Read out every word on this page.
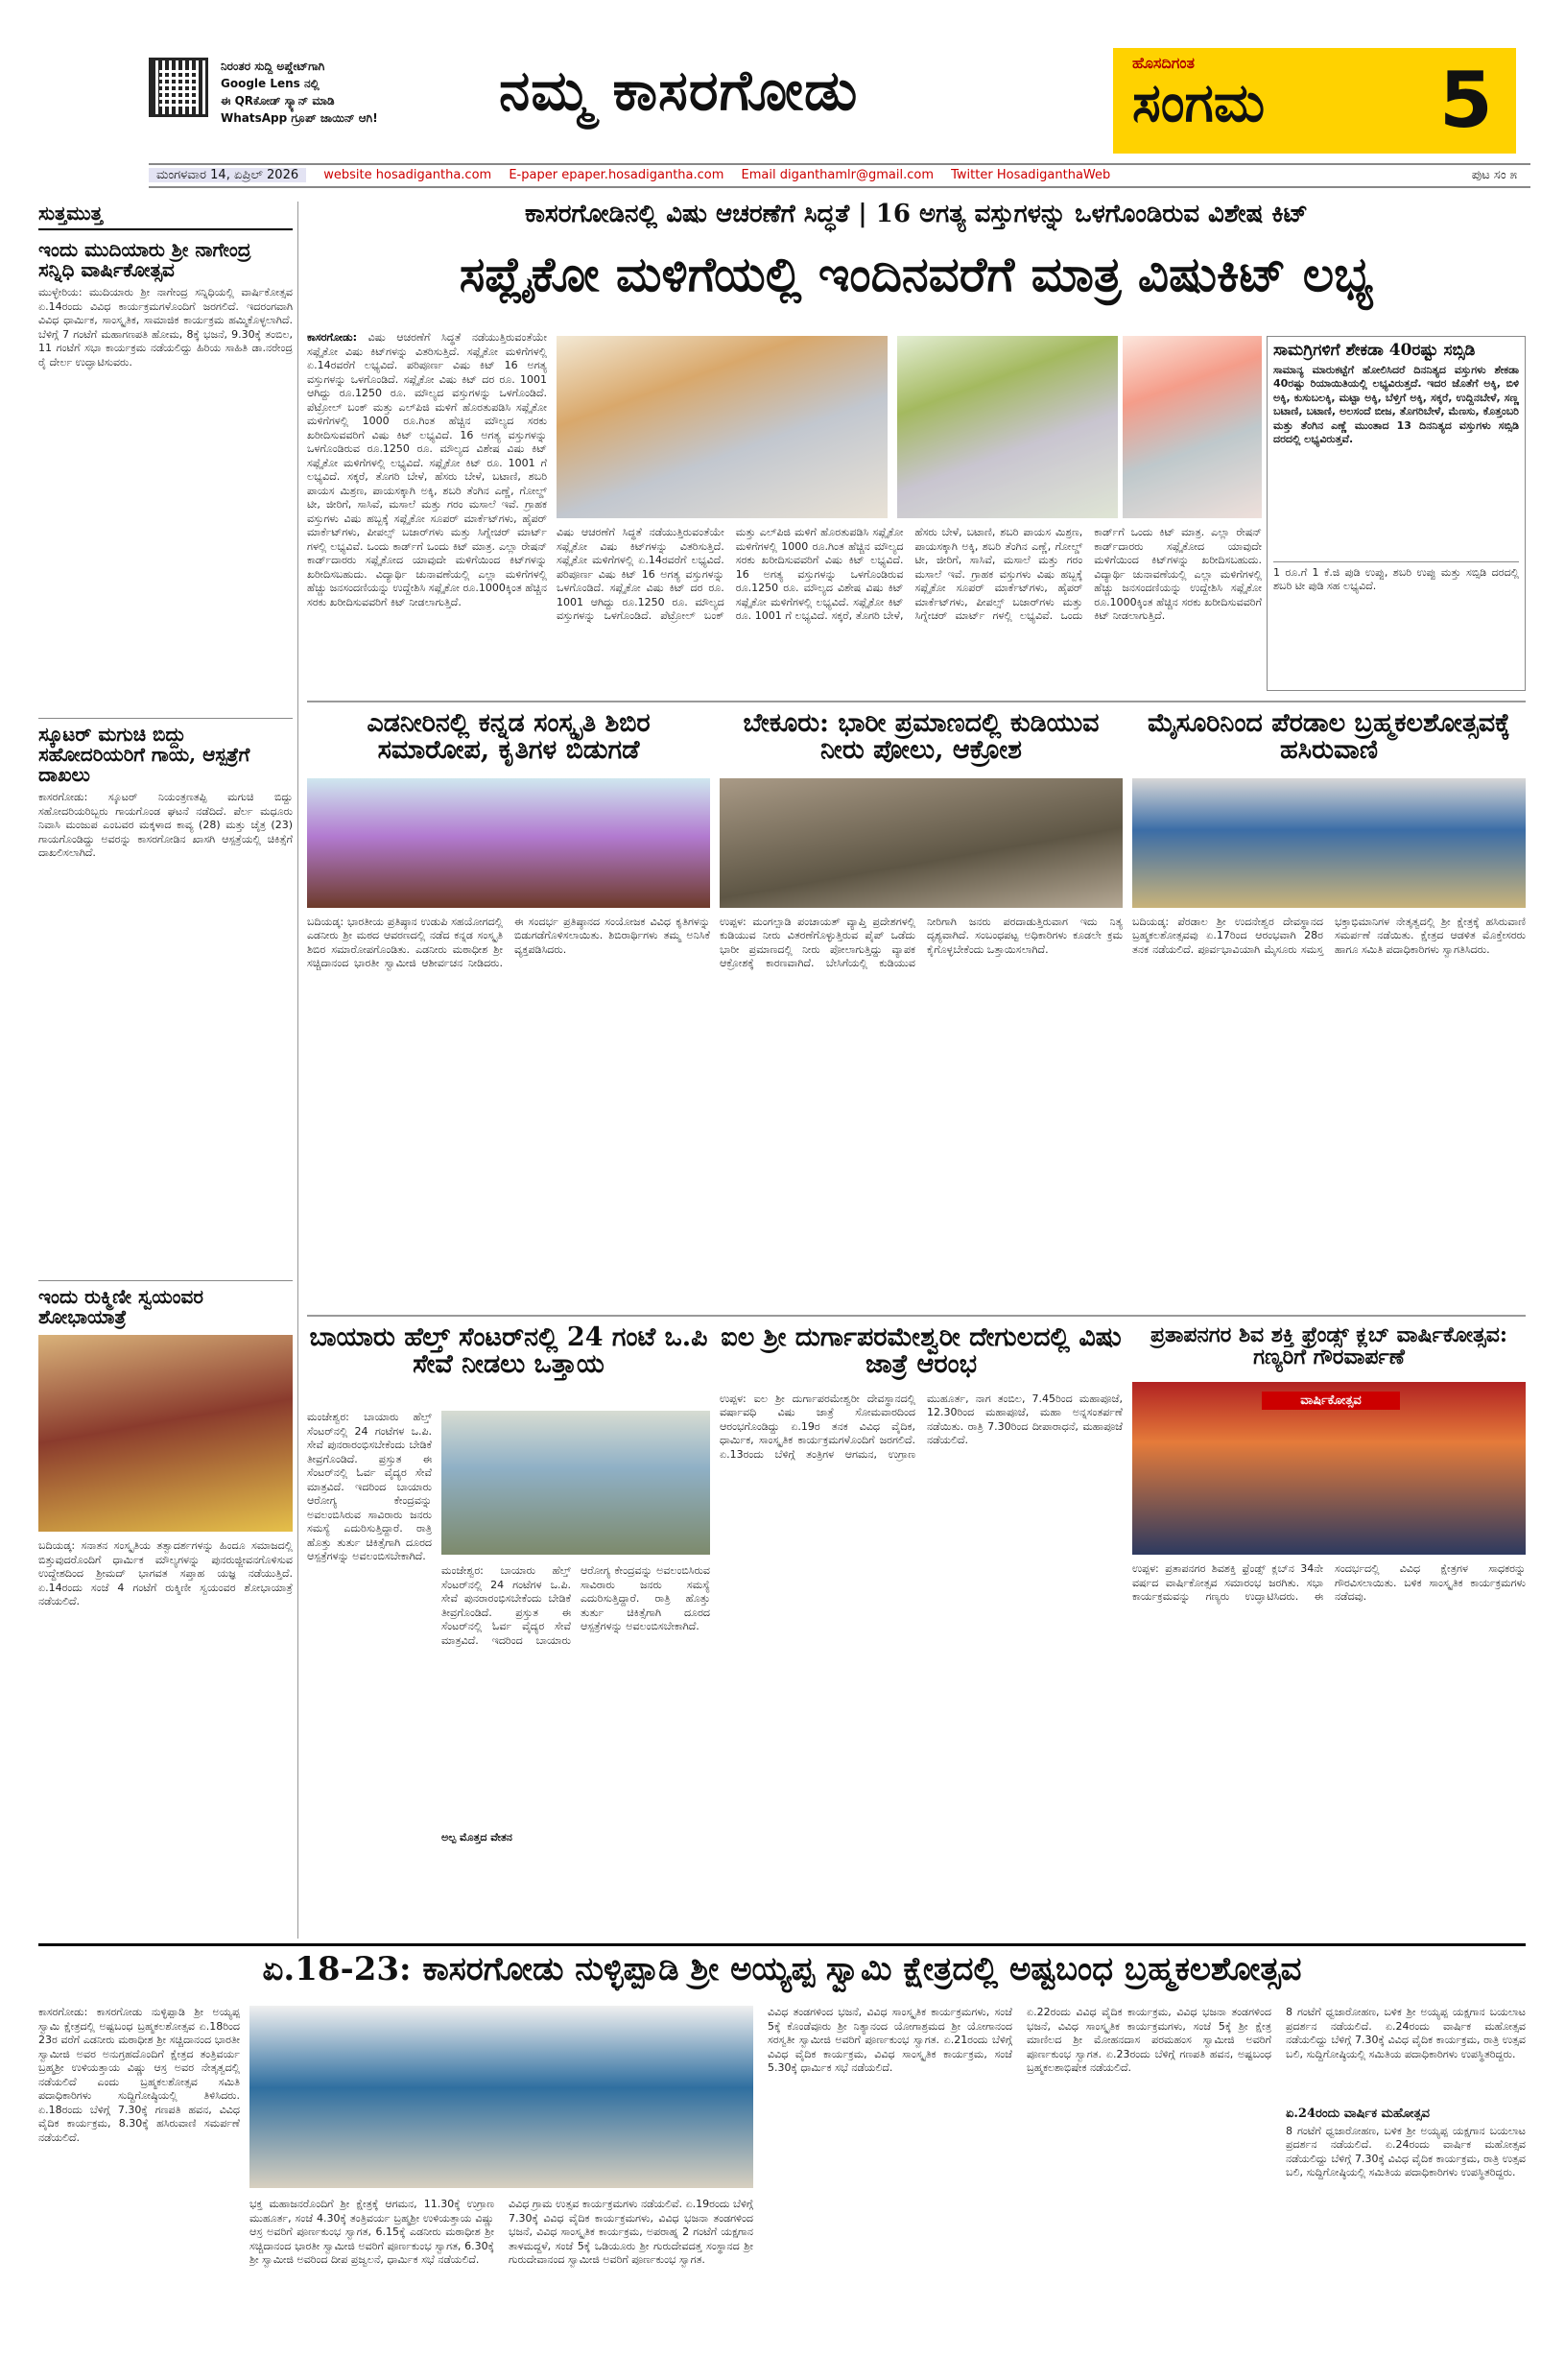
ನಿರಂತರ ಸುದ್ದಿ ಅಪ್ಡೇಟ್‌ಗಾಗಿ
Google Lens ನಲ್ಲಿ
ಈ QRಕೋಡ್ ಸ್ಕ್ಯಾನ್ ಮಾಡಿ
WhatsApp ಗ್ರೂಪ್ ಜಾಯಿನ್ ಆಗಿ!	ನಮ್ಮ ಕಾಸರಗೋಡು	ಹೊಸದಿಗಂತ
ಸಂಗಮ 5
ಮಂಗಳವಾರ 14, ಏಪ್ರಿಲ್ 2026 website hosadigantha.com E-paper epaper.hosadigantha.com Email diganthamlr@gmail.com Twitter HosadiganthaWeb	ಪುಟ ಸಂ ೫
ಸುತ್ತಮುತ್ತ
ಇಂದು ಮುದಿಯಾರು ಶ್ರೀ ನಾಗೇಂದ್ರ ಸನ್ನಿಧಿ ವಾರ್ಷಿಕೋತ್ಸವ
ಮುಳ್ಳೇರಿಯ: ಮುದಿಯಾರು ಶ್ರೀ ನಾಗೇಂದ್ರ ಸನ್ನಿಧಿಯಲ್ಲಿ ವಾರ್ಷಿಕೋತ್ಸವ ಏ.14ರಂದು ವಿವಿಧ ಕಾರ್ಯಕ್ರಮಗಳೊಂದಿಗೆ ಜರಗಲಿದೆ. ಇದರಂಗವಾಗಿ ವಿವಿಧ ಧಾರ್ಮಿಕ, ಸಾಂಸ್ಕೃತಿಕ, ಸಾಮಾಜಿಕ ಕಾರ್ಯಕ್ರಮ ಹಮ್ಮಿಕೊಳ್ಳಲಾಗಿದೆ. ಬೆಳಿಗ್ಗೆ 7 ಗಂಟೆಗೆ ಮಹಾಗಣಪತಿ ಹೋಮ, 8ಕ್ಕೆ ಭಜನೆ, 9.30ಕ್ಕೆ ತಂಬಿಲ, 11 ಗಂಟೆಗೆ ಸಭಾ ಕಾರ್ಯಕ್ರಮ ನಡೆಯಲಿದ್ದು ಹಿರಿಯ ಸಾಹಿತಿ ಡಾ.ನರೇಂದ್ರ ರೈ ದೇರ್ಲ ಉದ್ಘಾಟಿಸುವರು.
ಸ್ಕೂಟರ್ ಮಗುಚಿ ಬಿದ್ದು ಸಹೋದರಿಯರಿಗೆ ಗಾಯ, ಆಸ್ಪತ್ರೆಗೆ ದಾಖಲು
ಕಾಸರಗೋಡು: ಸ್ಕೂಟರ್ ನಿಯಂತ್ರಣತಪ್ಪಿ ಮಗುಚಿ ಬಿದ್ದು ಸಹೋದರಿಯರಿಬ್ಬರು ಗಾಯಗೊಂಡ ಘಟನೆ ನಡೆದಿದೆ. ಪೆರ್ಲ ಮಧೂರು ನಿವಾಸಿ ಮಂಜುಪ ಎಂಬವರ ಮಕ್ಕಳಾದ ಕಾವ್ಯ (28) ಮತ್ತು ಚೈತ್ರ (23) ಗಾಯಗೊಂಡಿದ್ದು ಅವರನ್ನು ಕಾಸರಗೋಡಿನ ಖಾಸಗಿ ಆಸ್ಪತ್ರೆಯಲ್ಲಿ ಚಿಕಿತ್ಸೆಗೆ ದಾಖಲಿಸಲಾಗಿದೆ.
ಇಂದು ರುಕ್ಮಿಣೀ ಸ್ವಯಂವರ ಶೋಭಾಯಾತ್ರೆ
ಬದಿಯಡ್ಕ: ಸನಾತನ ಸಂಸ್ಕೃತಿಯ ತತ್ವಾದರ್ಶಗಳನ್ನು ಹಿಂದೂ ಸಮಾಜದಲ್ಲಿ ಬಿತ್ತುವುದರೊಂದಿಗೆ ಧಾರ್ಮಿಕ ಮೌಲ್ಯಗಳನ್ನು ಪುನರುಜ್ಜೀವನಗೊಳಿಸುವ ಉದ್ದೇಶದಿಂದ ಶ್ರೀಮದ್ ಭಾಗವತ ಸಪ್ತಾಹ ಯಜ್ಞ ನಡೆಯುತ್ತಿದೆ. ಏ.14ರಂದು ಸಂಜೆ 4 ಗಂಟೆಗೆ ರುಕ್ಮಿಣೀ ಸ್ವಯಂವರ ಶೋಭಾಯಾತ್ರೆ ನಡೆಯಲಿದೆ.
ಕಾಸರಗೋಡಿನಲ್ಲಿ ವಿಷು ಆಚರಣೆಗೆ ಸಿದ್ಧತೆ | 16 ಅಗತ್ಯ ವಸ್ತುಗಳನ್ನು ಒಳಗೊಂಡಿರುವ ವಿಶೇಷ ಕಿಟ್
ಸಪ್ಲೈಕೋ ಮಳಿಗೆಯಲ್ಲಿ ಇಂದಿನವರೆಗೆ ಮಾತ್ರ ವಿಷುಕಿಟ್ ಲಭ್ಯ
ಕಾಸರಗೋಡು: ವಿಷು ಆಚರಣೆಗೆ ಸಿದ್ಧತೆ ನಡೆಯುತ್ತಿರುವಂತೆಯೇ ಸಪ್ಲೈಕೋ ವಿಷು ಕಿಟ್‌ಗಳನ್ನು ವಿತರಿಸುತ್ತಿದೆ. ಸಪ್ಲೈಕೋ ಮಳಿಗೆಗಳಲ್ಲಿ ಏ.14ರವರೆಗೆ ಲಭ್ಯವಿದೆ. ಪರಿಪೂರ್ಣ ವಿಷು ಕಿಟ್ 16 ಅಗತ್ಯ ವಸ್ತುಗಳನ್ನು ಒಳಗೊಂಡಿದೆ. ಸಪ್ಲೈಕೋ ವಿಷು ಕಿಟ್ ದರ ರೂ. 1001 ಆಗಿದ್ದು ರೂ.1250 ರೂ. ಮೌಲ್ಯದ ವಸ್ತುಗಳನ್ನು ಒಳಗೊಂಡಿದೆ. ಪೆಟ್ರೋಲ್ ಬಂಕ್ ಮತ್ತು ಎಲ್‌ಪಿಜಿ ಮಳಿಗೆ ಹೊರತುಪಡಿಸಿ ಸಪ್ಲೈಕೋ ಮಳಿಗೆಗಳಲ್ಲಿ 1000 ರೂ.ಗಿಂತ ಹೆಚ್ಚಿನ ಮೌಲ್ಯದ ಸರಕು ಖರೀದಿಸುವವರಿಗೆ ವಿಷು ಕಿಟ್ ಲಭ್ಯವಿದೆ. 16 ಅಗತ್ಯ ವಸ್ತುಗಳನ್ನು ಒಳಗೊಂಡಿರುವ ರೂ.1250 ರೂ. ಮೌಲ್ಯದ ವಿಶೇಷ ವಿಷು ಕಿಟ್ ಸಪ್ಲೈಕೋ ಮಳಿಗೆಗಳಲ್ಲಿ ಲಭ್ಯವಿದೆ. ಸಪ್ಲೈಕೋ ಕಿಟ್ ರೂ. 1001 ಗೆ ಲಭ್ಯವಿದೆ. ಸಕ್ಕರೆ, ತೊಗರಿ ಬೇಳೆ, ಹೆಸರು ಬೇಳೆ, ಬಟಾಣಿ, ಶಬರಿ ಪಾಯಸ ಮಿಶ್ರಣ, ಪಾಯಸಕ್ಕಾಗಿ ಅಕ್ಕಿ, ಶಬರಿ ತೆಂಗಿನ ಎಣ್ಣೆ, ಗೋಲ್ಡ್ ಟೀ, ಜೀರಿಗೆ, ಸಾಸಿವೆ, ಮಸಾಲೆ ಮತ್ತು ಗರಂ ಮಸಾಲೆ ಇವೆ. ಗ್ರಾಹಕ ವಸ್ತುಗಳು ವಿಷು ಹಬ್ಬಕ್ಕೆ ಸಪ್ಲೈಕೋ ಸೂಪರ್ ಮಾರ್ಕೆಟ್‌ಗಳು, ಹೈಪರ್ ಮಾರ್ಕೆಟ್‌ಗಳು, ಪೀಪಲ್ಸ್ ಬಜಾರ್‌ಗಳು ಮತ್ತು ಸಿಗ್ನೇಚರ್ ಮಾರ್ಟ್ ಗಳಲ್ಲಿ ಲಭ್ಯವಿವೆ. ಒಂದು ಕಾರ್ಡ್‌ಗೆ ಒಂದು ಕಿಟ್ ಮಾತ್ರ. ಎಲ್ಲಾ ರೇಷನ್ ಕಾರ್ಡ್‌ದಾರರು ಸಪ್ಲೈಕೋದ ಯಾವುದೇ ಮಳಿಗೆಯಿಂದ ಕಿಟ್‌ಗಳನ್ನು ಖರೀದಿಸಬಹುದು. ವಿದ್ಯಾರ್ಥಿ ಚುನಾವಣೆಯಲ್ಲಿ ಎಲ್ಲಾ ಮಳಿಗೆಗಳಲ್ಲಿ ಹೆಚ್ಚು ಜನಸಂದಣಿಯನ್ನು ಉದ್ದೇಶಿಸಿ ಸಪ್ಲೈಕೋ ರೂ.1000ಕ್ಕಿಂತ ಹೆಚ್ಚಿನ ಸರಕು ಖರೀದಿಸುವವರಿಗೆ ಕಿಟ್ ನೀಡಲಾಗುತ್ತಿದೆ.
ವಿಷು ಆಚರಣೆಗೆ ಸಿದ್ಧತೆ ನಡೆಯುತ್ತಿರುವಂತೆಯೇ ಸಪ್ಲೈಕೋ ವಿಷು ಕಿಟ್‌ಗಳನ್ನು ವಿತರಿಸುತ್ತಿದೆ. ಸಪ್ಲೈಕೋ ಮಳಿಗೆಗಳಲ್ಲಿ ಏ.14ರವರೆಗೆ ಲಭ್ಯವಿದೆ. ಪರಿಪೂರ್ಣ ವಿಷು ಕಿಟ್ 16 ಅಗತ್ಯ ವಸ್ತುಗಳನ್ನು ಒಳಗೊಂಡಿದೆ. ಸಪ್ಲೈಕೋ ವಿಷು ಕಿಟ್ ದರ ರೂ. 1001 ಆಗಿದ್ದು ರೂ.1250 ರೂ. ಮೌಲ್ಯದ ವಸ್ತುಗಳನ್ನು ಒಳಗೊಂಡಿದೆ. ಪೆಟ್ರೋಲ್ ಬಂಕ್ ಮತ್ತು ಎಲ್‌ಪಿಜಿ ಮಳಿಗೆ ಹೊರತುಪಡಿಸಿ ಸಪ್ಲೈಕೋ ಮಳಿಗೆಗಳಲ್ಲಿ 1000 ರೂ.ಗಿಂತ ಹೆಚ್ಚಿನ ಮೌಲ್ಯದ ಸರಕು ಖರೀದಿಸುವವರಿಗೆ ವಿಷು ಕಿಟ್ ಲಭ್ಯವಿದೆ. 16 ಅಗತ್ಯ ವಸ್ತುಗಳನ್ನು ಒಳಗೊಂಡಿರುವ ರೂ.1250 ರೂ. ಮೌಲ್ಯದ ವಿಶೇಷ ವಿಷು ಕಿಟ್ ಸಪ್ಲೈಕೋ ಮಳಿಗೆಗಳಲ್ಲಿ ಲಭ್ಯವಿದೆ. ಸಪ್ಲೈಕೋ ಕಿಟ್ ರೂ. 1001 ಗೆ ಲಭ್ಯವಿದೆ. ಸಕ್ಕರೆ, ತೊಗರಿ ಬೇಳೆ, ಹೆಸರು ಬೇಳೆ, ಬಟಾಣಿ, ಶಬರಿ ಪಾಯಸ ಮಿಶ್ರಣ, ಪಾಯಸಕ್ಕಾಗಿ ಅಕ್ಕಿ, ಶಬರಿ ತೆಂಗಿನ ಎಣ್ಣೆ, ಗೋಲ್ಡ್ ಟೀ, ಜೀರಿಗೆ, ಸಾಸಿವೆ, ಮಸಾಲೆ ಮತ್ತು ಗರಂ ಮಸಾಲೆ ಇವೆ. ಗ್ರಾಹಕ ವಸ್ತುಗಳು ವಿಷು ಹಬ್ಬಕ್ಕೆ ಸಪ್ಲೈಕೋ ಸೂಪರ್ ಮಾರ್ಕೆಟ್‌ಗಳು, ಹೈಪರ್ ಮಾರ್ಕೆಟ್‌ಗಳು, ಪೀಪಲ್ಸ್ ಬಜಾರ್‌ಗಳು ಮತ್ತು ಸಿಗ್ನೇಚರ್ ಮಾರ್ಟ್ ಗಳಲ್ಲಿ ಲಭ್ಯವಿವೆ. ಒಂದು ಕಾರ್ಡ್‌ಗೆ ಒಂದು ಕಿಟ್ ಮಾತ್ರ. ಎಲ್ಲಾ ರೇಷನ್ ಕಾರ್ಡ್‌ದಾರರು ಸಪ್ಲೈಕೋದ ಯಾವುದೇ ಮಳಿಗೆಯಿಂದ ಕಿಟ್‌ಗಳನ್ನು ಖರೀದಿಸಬಹುದು. ವಿದ್ಯಾರ್ಥಿ ಚುನಾವಣೆಯಲ್ಲಿ ಎಲ್ಲಾ ಮಳಿಗೆಗಳಲ್ಲಿ ಹೆಚ್ಚು ಜನಸಂದಣಿಯನ್ನು ಉದ್ದೇಶಿಸಿ ಸಪ್ಲೈಕೋ ರೂ.1000ಕ್ಕಿಂತ ಹೆಚ್ಚಿನ ಸರಕು ಖರೀದಿಸುವವರಿಗೆ ಕಿಟ್ ನೀಡಲಾಗುತ್ತಿದೆ.
ಸಾಮಗ್ರಿಗಳಿಗೆ ಶೇಕಡಾ 40ರಷ್ಟು ಸಬ್ಸಿಡಿ
ಸಾಮಾನ್ಯ ಮಾರುಕಟ್ಟೆಗೆ ಹೋಲಿಸಿದರೆ ದಿನನಿತ್ಯದ ವಸ್ತುಗಳು ಶೇಕಡಾ 40ರಷ್ಟು ರಿಯಾಯಿತಿಯಲ್ಲಿ ಲಭ್ಯವಿರುತ್ತದೆ. ಇದರ ಜೊತೆಗೆ ಅಕ್ಕಿ, ಬಿಳಿ ಅಕ್ಕಿ, ಕುಸುಬಲಕ್ಕಿ, ಮಟ್ಟಾ ಅಕ್ಕಿ, ಬೆಳ್ತಿಗೆ ಅಕ್ಕಿ, ಸಕ್ಕರೆ, ಉದ್ದಿನಬೇಳೆ, ಸಣ್ಣ ಬಟಾಣಿ, ಬಟಾಣಿ, ಅಲಸಂದೆ ಬೀಜ, ತೊಗರಿಬೇಳೆ, ಮೆಣಸು, ಕೊತ್ತಂಬರಿ ಮತ್ತು ತೆಂಗಿನ ಎಣ್ಣೆ ಮುಂತಾದ 13 ದಿನನಿತ್ಯದ ವಸ್ತುಗಳು ಸಬ್ಸಿಡಿ ದರದಲ್ಲಿ ಲಭ್ಯವಿರುತ್ತವೆ.
1 ರೂ.ಗೆ 1 ಕೆ.ಜಿ ಪುಡಿ ಉಪ್ಪು, ಶಬರಿ ಉಪ್ಪು ಮತ್ತು ಸಬ್ಸಿಡಿ ದರದಲ್ಲಿ ಶಬರಿ ಟೀ ಪುಡಿ ಸಹ ಲಭ್ಯವಿದೆ.
ಎಡನೀರಿನಲ್ಲಿ ಕನ್ನಡ ಸಂಸ್ಕೃತಿ ಶಿಬಿರ ಸಮಾರೋಪ, ಕೃತಿಗಳ ಬಿಡುಗಡೆ
ಬದಿಯಡ್ಕ: ಭಾರತೀಯ ಪ್ರತಿಷ್ಠಾನ ಉಡುಪಿ ಸಹಯೋಗದಲ್ಲಿ ಎಡನೀರು ಶ್ರೀ ಮಠದ ಆವರಣದಲ್ಲಿ ನಡೆದ ಕನ್ನಡ ಸಂಸ್ಕೃತಿ ಶಿಬಿರ ಸಮಾರೋಪಗೊಂಡಿತು. ಎಡನೀರು ಮಠಾಧೀಶ ಶ್ರೀ ಸಚ್ಚಿದಾನಂದ ಭಾರತೀ ಸ್ವಾಮೀಜಿ ಆಶೀರ್ವಚನ ನೀಡಿದರು. ಈ ಸಂದರ್ಭ ಪ್ರತಿಷ್ಠಾನದ ಸಂಯೋಜಕ ವಿವಿಧ ಕೃತಿಗಳನ್ನು ಬಿಡುಗಡೆಗೊಳಿಸಲಾಯಿತು. ಶಿಬಿರಾರ್ಥಿಗಳು ತಮ್ಮ ಅನಿಸಿಕೆ ವ್ಯಕ್ತಪಡಿಸಿದರು.
ಬೇಕೂರು: ಭಾರೀ ಪ್ರಮಾಣದಲ್ಲಿ ಕುಡಿಯುವ ನೀರು ಪೋಲು, ಆಕ್ರೋಶ
ಉಪ್ಪಳ: ಮಂಗಲ್ಪಾಡಿ ಪಂಚಾಯತ್ ವ್ಯಾಪ್ತಿ ಪ್ರದೇಶಗಳಲ್ಲಿ ಕುಡಿಯುವ ನೀರು ವಿತರಣೆಗೊಳ್ಳುತ್ತಿರುವ ಪೈಪ್ ಒಡೆದು ಭಾರೀ ಪ್ರಮಾಣದಲ್ಲಿ ನೀರು ಪೋಲಾಗುತ್ತಿದ್ದು ವ್ಯಾಪಕ ಆಕ್ರೋಶಕ್ಕೆ ಕಾರಣವಾಗಿದೆ. ಬೇಸಿಗೆಯಲ್ಲಿ ಕುಡಿಯುವ ನೀರಿಗಾಗಿ ಜನರು ಪರದಾಡುತ್ತಿರುವಾಗ ಇದು ನಿತ್ಯ ದೃಶ್ಯವಾಗಿದೆ. ಸಂಬಂಧಪಟ್ಟ ಅಧಿಕಾರಿಗಳು ಕೂಡಲೇ ಕ್ರಮ ಕೈಗೊಳ್ಳಬೇಕೆಂದು ಒತ್ತಾಯಿಸಲಾಗಿದೆ.
ಮೈಸೂರಿನಿಂದ ಪೆರಡಾಲ ಬ್ರಹ್ಮಕಲಶೋತ್ಸವಕ್ಕೆ ಹಸಿರುವಾಣಿ
ಬದಿಯಡ್ಕ: ಪೆರಡಾಲ ಶ್ರೀ ಉದನೇಶ್ವರ ದೇವಸ್ಥಾನದ ಬ್ರಹ್ಮಕಲಶೋತ್ಸವವು ಏ.17ರಿಂದ ಆರಂಭವಾಗಿ 28ರ ತನಕ ನಡೆಯಲಿದೆ. ಪೂರ್ವಭಾವಿಯಾಗಿ ಮೈಸೂರು ಸಮಸ್ತ ಭಕ್ತಾಭಿಮಾನಿಗಳ ನೇತೃತ್ವದಲ್ಲಿ ಶ್ರೀ ಕ್ಷೇತ್ರಕ್ಕೆ ಹಸಿರುವಾಣಿ ಸಮರ್ಪಣೆ ನಡೆಯಿತು. ಕ್ಷೇತ್ರದ ಆಡಳಿತ ಮೊಕ್ತೇಸರರು ಹಾಗೂ ಸಮಿತಿ ಪದಾಧಿಕಾರಿಗಳು ಸ್ವಾಗತಿಸಿದರು.
ಬಾಯಾರು ಹೆಲ್ತ್ ಸೆಂಟರ್‌ನಲ್ಲಿ 24 ಗಂಟೆ ಒ.ಪಿ ಸೇವೆ ನೀಡಲು ಒತ್ತಾಯ
ಮಂಜೇಶ್ವರ: ಬಾಯಾರು ಹೆಲ್ತ್ ಸೆಂಟರ್‌ನಲ್ಲಿ 24 ಗಂಟೆಗಳ ಒ.ಪಿ. ಸೇವೆ ಪುನರಾರಂಭಿಸಬೇಕೆಂದು ಬೇಡಿಕೆ ತೀವ್ರಗೊಂಡಿದೆ. ಪ್ರಸ್ತುತ ಈ ಸೆಂಟರ್‌ನಲ್ಲಿ ಓರ್ವ ವೈದ್ಯರ ಸೇವೆ ಮಾತ್ರವಿದೆ. ಇದರಿಂದ ಬಾಯಾರು ಆರೋಗ್ಯ ಕೇಂದ್ರವನ್ನು ಅವಲಂಬಿಸಿರುವ ಸಾವಿರಾರು ಜನರು ಸಮಸ್ಯೆ ಎದುರಿಸುತ್ತಿದ್ದಾರೆ. ರಾತ್ರಿ ಹೊತ್ತು ತುರ್ತು ಚಿಕಿತ್ಸೆಗಾಗಿ ದೂರದ ಆಸ್ಪತ್ರೆಗಳನ್ನು ಅವಲಂಬಿಸಬೇಕಾಗಿದೆ.
ಮಂಜೇಶ್ವರ: ಬಾಯಾರು ಹೆಲ್ತ್ ಸೆಂಟರ್‌ನಲ್ಲಿ 24 ಗಂಟೆಗಳ ಒ.ಪಿ. ಸೇವೆ ಪುನರಾರಂಭಿಸಬೇಕೆಂದು ಬೇಡಿಕೆ ತೀವ್ರಗೊಂಡಿದೆ. ಪ್ರಸ್ತುತ ಈ ಸೆಂಟರ್‌ನಲ್ಲಿ ಓರ್ವ ವೈದ್ಯರ ಸೇವೆ ಮಾತ್ರವಿದೆ. ಇದರಿಂದ ಬಾಯಾರು ಆರೋಗ್ಯ ಕೇಂದ್ರವನ್ನು ಅವಲಂಬಿಸಿರುವ ಸಾವಿರಾರು ಜನರು ಸಮಸ್ಯೆ ಎದುರಿಸುತ್ತಿದ್ದಾರೆ. ರಾತ್ರಿ ಹೊತ್ತು ತುರ್ತು ಚಿಕಿತ್ಸೆಗಾಗಿ ದೂರದ ಆಸ್ಪತ್ರೆಗಳನ್ನು ಅವಲಂಬಿಸಬೇಕಾಗಿದೆ.
ಅಲ್ಪ ಮೊತ್ತದ ವೇತನ
ಐಲ ಶ್ರೀ ದುರ್ಗಾಪರಮೇಶ್ವರೀ ದೇಗುಲದಲ್ಲಿ ವಿಷು ಜಾತ್ರೆ ಆರಂಭ
ಉಪ್ಪಳ: ಐಲ ಶ್ರೀ ದುರ್ಗಾಪರಮೇಶ್ವರೀ ದೇವಸ್ಥಾನದಲ್ಲಿ ವರ್ಷಾವಧಿ ವಿಷು ಜಾತ್ರೆ ಸೋಮವಾರದಿಂದ ಆರಂಭಗೊಂಡಿದ್ದು ಏ.19ರ ತನಕ ವಿವಿಧ ವೈದಿಕ, ಧಾರ್ಮಿಕ, ಸಾಂಸ್ಕೃತಿಕ ಕಾರ್ಯಕ್ರಮಗಳೊಂದಿಗೆ ಜರಗಲಿದೆ. ಏ.13ರಂದು ಬೆಳಿಗ್ಗೆ ತಂತ್ರಿಗಳ ಆಗಮನ, ಉಗ್ರಾಣ ಮುಹೂರ್ತ, ನಾಗ ತಂಬಿಲ, 7.45ರಿಂದ ಮಹಾಪೂಜೆ, 12.30ರಿಂದ ಮಹಾಪೂಜೆ, ಮಹಾ ಅನ್ನಸಂತರ್ಪಣೆ ನಡೆಯಿತು. ರಾತ್ರಿ 7.30ರಿಂದ ದೀಪಾರಾಧನೆ, ಮಹಾಪೂಜೆ ನಡೆಯಲಿದೆ.
ಪ್ರತಾಪನಗರ ಶಿವ ಶಕ್ತಿ ಫ್ರೆಂಡ್ಸ್ ಕ್ಲಬ್ ವಾರ್ಷಿಕೋತ್ಸವ: ಗಣ್ಯರಿಗೆ ಗೌರವಾರ್ಪಣೆ
ವಾರ್ಷಿಕೋತ್ಸವ
ಉಪ್ಪಳ: ಪ್ರತಾಪನಗರ ಶಿವಶಕ್ತಿ ಫ್ರೆಂಡ್ಸ್ ಕ್ಲಬ್‌ನ 34ನೇ ವರ್ಷದ ವಾರ್ಷಿಕೋತ್ಸವ ಸಮಾರಂಭ ಜರಗಿತು. ಸಭಾ ಕಾರ್ಯಕ್ರಮವನ್ನು ಗಣ್ಯರು ಉದ್ಘಾಟಿಸಿದರು. ಈ ಸಂದರ್ಭದಲ್ಲಿ ವಿವಿಧ ಕ್ಷೇತ್ರಗಳ ಸಾಧಕರನ್ನು ಗೌರವಿಸಲಾಯಿತು. ಬಳಿಕ ಸಾಂಸ್ಕೃತಿಕ ಕಾರ್ಯಕ್ರಮಗಳು ನಡೆದವು.
ಏ.18-23: ಕಾಸರಗೋಡು ನುಳ್ಳಿಪ್ಪಾಡಿ ಶ್ರೀ ಅಯ್ಯಪ್ಪ ಸ್ವಾಮಿ ಕ್ಷೇತ್ರದಲ್ಲಿ ಅಷ್ಟಬಂಧ ಬ್ರಹ್ಮಕಲಶೋತ್ಸವ
ಕಾಸರಗೋಡು: ಕಾಸರಗೋಡು ನುಳ್ಳಿಪ್ಪಾಡಿ ಶ್ರೀ ಅಯ್ಯಪ್ಪ ಸ್ವಾಮಿ ಕ್ಷೇತ್ರದಲ್ಲಿ ಅಷ್ಟಬಂಧ ಬ್ರಹ್ಮಕಲಶೋತ್ಸವ ಏ.18ರಿಂದ 23ರ ವರೆಗೆ ಎಡನೀರು ಮಠಾಧೀಶ ಶ್ರೀ ಸಚ್ಚಿದಾನಂದ ಭಾರತೀ ಸ್ವಾಮೀಜಿ ಅವರ ಅನುಗ್ರಹದೊಂದಿಗೆ ಕ್ಷೇತ್ರದ ತಂತ್ರಿವರ್ಯ ಬ್ರಹ್ಮಶ್ರೀ ಉಳಿಯತ್ತಾಯ ವಿಷ್ಣು ಆಸ್ರ ಅವರ ನೇತೃತ್ವದಲ್ಲಿ ನಡೆಯಲಿದೆ ಎಂದು ಬ್ರಹ್ಮಕಲಶೋತ್ಸವ ಸಮಿತಿ ಪದಾಧಿಕಾರಿಗಳು ಸುದ್ದಿಗೋಷ್ಠಿಯಲ್ಲಿ ತಿಳಿಸಿದರು. ಏ.18ರಂದು ಬೆಳಿಗ್ಗೆ 7.30ಕ್ಕೆ ಗಣಪತಿ ಹವನ, ವಿವಿಧ ವೈದಿಕ ಕಾರ್ಯಕ್ರಮ, 8.30ಕ್ಕೆ ಹಸಿರುವಾಣಿ ಸಮರ್ಪಣೆ ನಡೆಯಲಿದೆ.
ಭಕ್ತ ಮಹಾಜನರೊಂದಿಗೆ ಶ್ರೀ ಕ್ಷೇತ್ರಕ್ಕೆ ಆಗಮನ, 11.30ಕ್ಕೆ ಉಗ್ರಾಣ ಮುಹೂರ್ತ, ಸಂಜೆ 4.30ಕ್ಕೆ ತಂತ್ರಿವರ್ಯ ಬ್ರಹ್ಮಶ್ರೀ ಉಳಿಯತ್ತಾಯ ವಿಷ್ಣು ಆಸ್ರ ಅವರಿಗೆ ಪೂರ್ಣಕುಂಭ ಸ್ವಾಗತ, 6.15ಕ್ಕೆ ಎಡನೀರು ಮಠಾಧೀಶ ಶ್ರೀ ಸಚ್ಚಿದಾನಂದ ಭಾರತೀ ಸ್ವಾಮೀಜಿ ಅವರಿಗೆ ಪೂರ್ಣಕುಂಭ ಸ್ವಾಗತ, 6.30ಕ್ಕೆ ಶ್ರೀ ಸ್ವಾಮೀಜಿ ಅವರಿಂದ ದೀಪ ಪ್ರಜ್ವಲನೆ, ಧಾರ್ಮಿಕ ಸಭೆ ನಡೆಯಲಿದೆ.
ವಿವಿಧ ಗ್ರಾಮ ಉತ್ಸವ ಕಾರ್ಯಕ್ರಮಗಳು ನಡೆಯಲಿವೆ. ಏ.19ರಂದು ಬೆಳಿಗ್ಗೆ 7.30ಕ್ಕೆ ವಿವಿಧ ವೈದಿಕ ಕಾರ್ಯಕ್ರಮಗಳು, ವಿವಿಧ ಭಜನಾ ತಂಡಗಳಿಂದ ಭಜನೆ, ವಿವಿಧ ಸಾಂಸ್ಕೃತಿಕ ಕಾರ್ಯಕ್ರಮ, ಅಪರಾಹ್ನ 2 ಗಂಟೆಗೆ ಯಕ್ಷಗಾನ ತಾಳಮದ್ದಳೆ, ಸಂಜೆ 5ಕ್ಕೆ ಒಡಿಯೂರು ಶ್ರೀ ಗುರುದೇವದತ್ತ ಸಂಸ್ಥಾನದ ಶ್ರೀ ಗುರುದೇವಾನಂದ ಸ್ವಾಮೀಜಿ ಅವರಿಗೆ ಪೂರ್ಣಕುಂಭ ಸ್ವಾಗತ.
ವಿವಿಧ ತಂಡಗಳಿಂದ ಭಜನೆ, ವಿವಿಧ ಸಾಂಸ್ಕೃತಿಕ ಕಾರ್ಯಕ್ರಮಗಳು, ಸಂಜೆ 5ಕ್ಕೆ ಕೊಂಡೆವೂರು ಶ್ರೀ ನಿತ್ಯಾನಂದ ಯೋಗಾಶ್ರಮದ ಶ್ರೀ ಯೋಗಾನಂದ ಸರಸ್ವತೀ ಸ್ವಾಮೀಜಿ ಅವರಿಗೆ ಪೂರ್ಣಕುಂಭ ಸ್ವಾಗತ. ಏ.21ರಂದು ಬೆಳಿಗ್ಗೆ ವಿವಿಧ ವೈದಿಕ ಕಾರ್ಯಕ್ರಮ, ವಿವಿಧ ಸಾಂಸ್ಕೃತಿಕ ಕಾರ್ಯಕ್ರಮ, ಸಂಜೆ 5.30ಕ್ಕೆ ಧಾರ್ಮಿಕ ಸಭೆ ನಡೆಯಲಿದೆ.
ಏ.22ರಂದು ವಿವಿಧ ವೈದಿಕ ಕಾರ್ಯಕ್ರಮ, ವಿವಿಧ ಭಜನಾ ತಂಡಗಳಿಂದ ಭಜನೆ, ವಿವಿಧ ಸಾಂಸ್ಕೃತಿಕ ಕಾರ್ಯಕ್ರಮಗಳು, ಸಂಜೆ 5ಕ್ಕೆ ಶ್ರೀ ಕ್ಷೇತ್ರ ಮಾಣಿಲದ ಶ್ರೀ ಮೋಹನದಾಸ ಪರಮಹಂಸ ಸ್ವಾಮೀಜಿ ಅವರಿಗೆ ಪೂರ್ಣಕುಂಭ ಸ್ವಾಗತ. ಏ.23ರಂದು ಬೆಳಿಗ್ಗೆ ಗಣಪತಿ ಹವನ, ಅಷ್ಟಬಂಧ ಬ್ರಹ್ಮಕಲಶಾಭಿಷೇಕ ನಡೆಯಲಿದೆ.
8 ಗಂಟೆಗೆ ಧ್ವಜಾರೋಹಣ, ಬಳಿಕ ಶ್ರೀ ಅಯ್ಯಪ್ಪ ಯಕ್ಷಗಾನ ಬಯಲಾಟ ಪ್ರದರ್ಶನ ನಡೆಯಲಿದೆ. ಏ.24ರಂದು ವಾರ್ಷಿಕ ಮಹೋತ್ಸವ ನಡೆಯಲಿದ್ದು ಬೆಳಿಗ್ಗೆ 7.30ಕ್ಕೆ ವಿವಿಧ ವೈದಿಕ ಕಾರ್ಯಕ್ರಮ, ರಾತ್ರಿ ಉತ್ಸವ ಬಲಿ, ಸುದ್ದಿಗೋಷ್ಠಿಯಲ್ಲಿ ಸಮಿತಿಯ ಪದಾಧಿಕಾರಿಗಳು ಉಪಸ್ಥಿತರಿದ್ದರು.
ಏ.24ರಂದು ವಾರ್ಷಿಕ ಮಹೋತ್ಸವ
8 ಗಂಟೆಗೆ ಧ್ವಜಾರೋಹಣ, ಬಳಿಕ ಶ್ರೀ ಅಯ್ಯಪ್ಪ ಯಕ್ಷಗಾನ ಬಯಲಾಟ ಪ್ರದರ್ಶನ ನಡೆಯಲಿದೆ. ಏ.24ರಂದು ವಾರ್ಷಿಕ ಮಹೋತ್ಸವ ನಡೆಯಲಿದ್ದು ಬೆಳಿಗ್ಗೆ 7.30ಕ್ಕೆ ವಿವಿಧ ವೈದಿಕ ಕಾರ್ಯಕ್ರಮ, ರಾತ್ರಿ ಉತ್ಸವ ಬಲಿ, ಸುದ್ದಿಗೋಷ್ಠಿಯಲ್ಲಿ ಸಮಿತಿಯ ಪದಾಧಿಕಾರಿಗಳು ಉಪಸ್ಥಿತರಿದ್ದರು.
